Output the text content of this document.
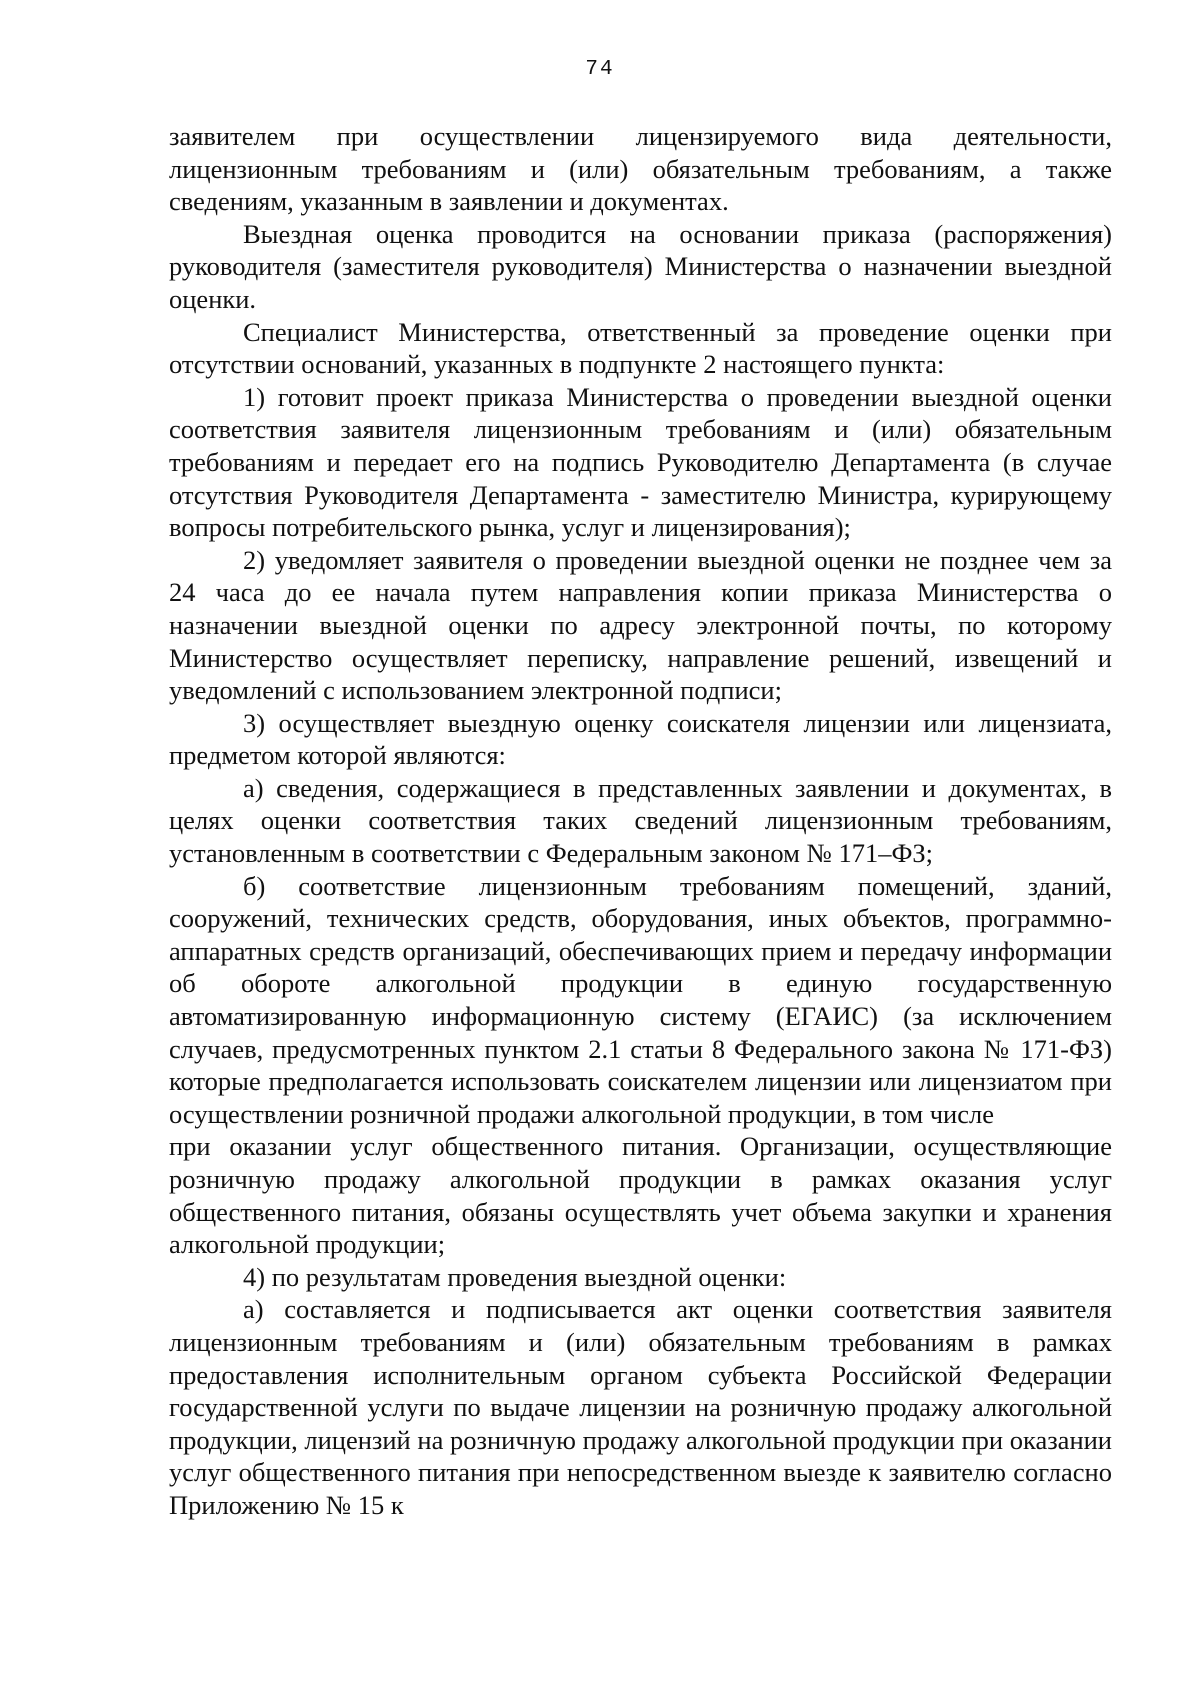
74

заявителем при осуществлении лицензируемого вида деятельности, лицензионным требованиям и (или) обязательным требованиям, а также сведениям, указанным в заявлении и документах.

Выездная оценка проводится на основании приказа (распоряжения) руководителя (заместителя руководителя) Министерства о назначении выездной оценки.

Специалист Министерства, ответственный за проведение оценки при отсутствии оснований, указанных в подпункте 2 настоящего пункта:

1) готовит проект приказа Министерства о проведении выездной оценки соответствия заявителя лицензионным требованиям и (или) обязательным требованиям и передает его на подпись Руководителю Департамента (в случае отсутствия Руководителя Департамента - заместителю Министра, курирующему вопросы потребительского рынка, услуг и лицензирования);

2) уведомляет заявителя о проведении выездной оценки не позднее чем за 24 часа до ее начала путем направления копии приказа Министерства о назначении выездной оценки по адресу электронной почты, по которому Министерство осуществляет переписку, направление решений, извещений и уведомлений с использованием электронной подписи;

3) осуществляет выездную оценку соискателя лицензии или лицензиата, предметом которой являются:

а) сведения, содержащиеся в представленных заявлении и документах, в целях оценки соответствия таких сведений лицензионным требованиям, установленным в соответствии с Федеральным законом № 171–ФЗ;

б) соответствие лицензионным требованиям помещений, зданий, сооружений, технических средств, оборудования, иных объектов, программно-аппаратных средств организаций, обеспечивающих прием и передачу информации об обороте алкогольной продукции в единую государственную автоматизированную информационную систему (ЕГАИС) (за исключением случаев, предусмотренных пунктом 2.1 статьи 8 Федерального закона № 171-ФЗ) которые предполагается использовать соискателем лицензии или лицензиатом при осуществлении розничной продажи алкогольной продукции, в том числе

при оказании услуг общественного питания. Организации, осуществляющие розничную продажу алкогольной продукции в рамках оказания услуг общественного питания, обязаны осуществлять учет объема закупки и хранения алкогольной продукции;

4) по результатам проведения выездной оценки:

а) составляется и подписывается акт оценки соответствия заявителя лицензионным требованиям и (или) обязательным требованиям в рамках предоставления исполнительным органом субъекта Российской Федерации государственной услуги по выдаче лицензии на розничную продажу алкогольной продукции, лицензий на розничную продажу алкогольной продукции при оказании услуг общественного питания при непосредственном выезде к заявителю согласно Приложению № 15 к
